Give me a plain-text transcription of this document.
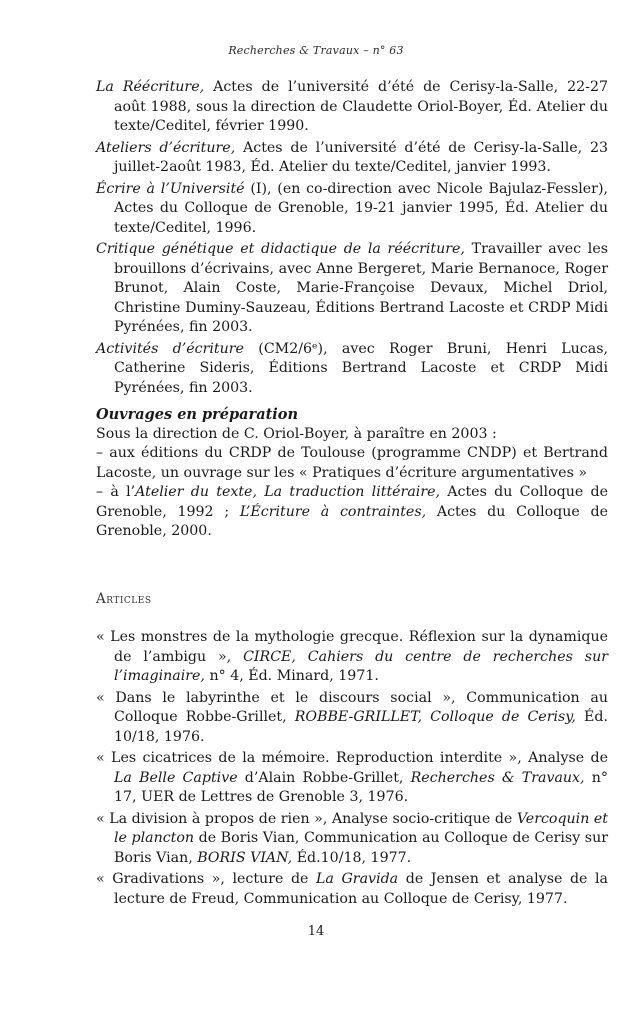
Recherches & Travaux – n° 63

La Réécriture, Actes de l’université d’été de Cerisy-la-Salle, 22-27 août 1988, sous la direction de Claudette Oriol-Boyer, Éd. Atelier du texte/Ceditel, février 1990.

Ateliers d’écriture, Actes de l’université d’été de Cerisy-la-Salle, 23 juillet-2août 1983, Éd. Atelier du texte/Ceditel, janvier 1993.

Écrire à l’Université (I), (en co-direction avec Nicole Bajulaz-Fessler), Actes du Colloque de Grenoble, 19-21 janvier 1995, Éd. Atelier du texte/Ceditel, 1996.

Critique génétique et didactique de la réécriture, Travailler avec les brouillons d’écrivains, avec Anne Bergeret, Marie Bernanoce, Roger Brunot, Alain Coste, Marie-Françoise Devaux, Michel Driol, Christine Duminy-Sauzeau, Éditions Bertrand Lacoste et CRDP Midi Pyrénées, fin 2003.

Activités d’écriture (CM2/6ᵉ), avec Roger Bruni, Henri Lucas, Catherine Sideris, Éditions Bertrand Lacoste et CRDP Midi Pyrénées, fin 2003.

Ouvrages en préparation

Sous la direction de C. Oriol-Boyer, à paraître en 2003 :

– aux éditions du CRDP de Toulouse (programme CNDP) et Bertrand Lacoste, un ouvrage sur les « Pratiques d’écriture argumentatives »

– à l’Atelier du texte, La traduction littéraire, Actes du Colloque de Grenoble, 1992 ; L’Écriture à contraintes, Actes du Colloque de Grenoble, 2000.

Articles

« Les monstres de la mythologie grecque. Réflexion sur la dynamique de l’ambigu », CIRCE, Cahiers du centre de recherches sur l’imaginaire, n° 4, Éd. Minard, 1971.

« Dans le labyrinthe et le discours social », Communication au Colloque Robbe-Grillet, ROBBE-GRILLET, Colloque de Cerisy, Éd. 10/18, 1976.

« Les cicatrices de la mémoire. Reproduction interdite », Analyse de La Belle Captive d’Alain Robbe-Grillet, Recherches & Travaux, n° 17, UER de Lettres de Grenoble 3, 1976.

« La division à propos de rien », Analyse socio-critique de Vercoquin et le plancton de Boris Vian, Communication au Colloque de Cerisy sur Boris Vian, BORIS VIAN, Éd.10/18, 1977.

« Gradivations », lecture de La Gravida de Jensen et analyse de la lecture de Freud, Communication au Colloque de Cerisy, 1977.

14
